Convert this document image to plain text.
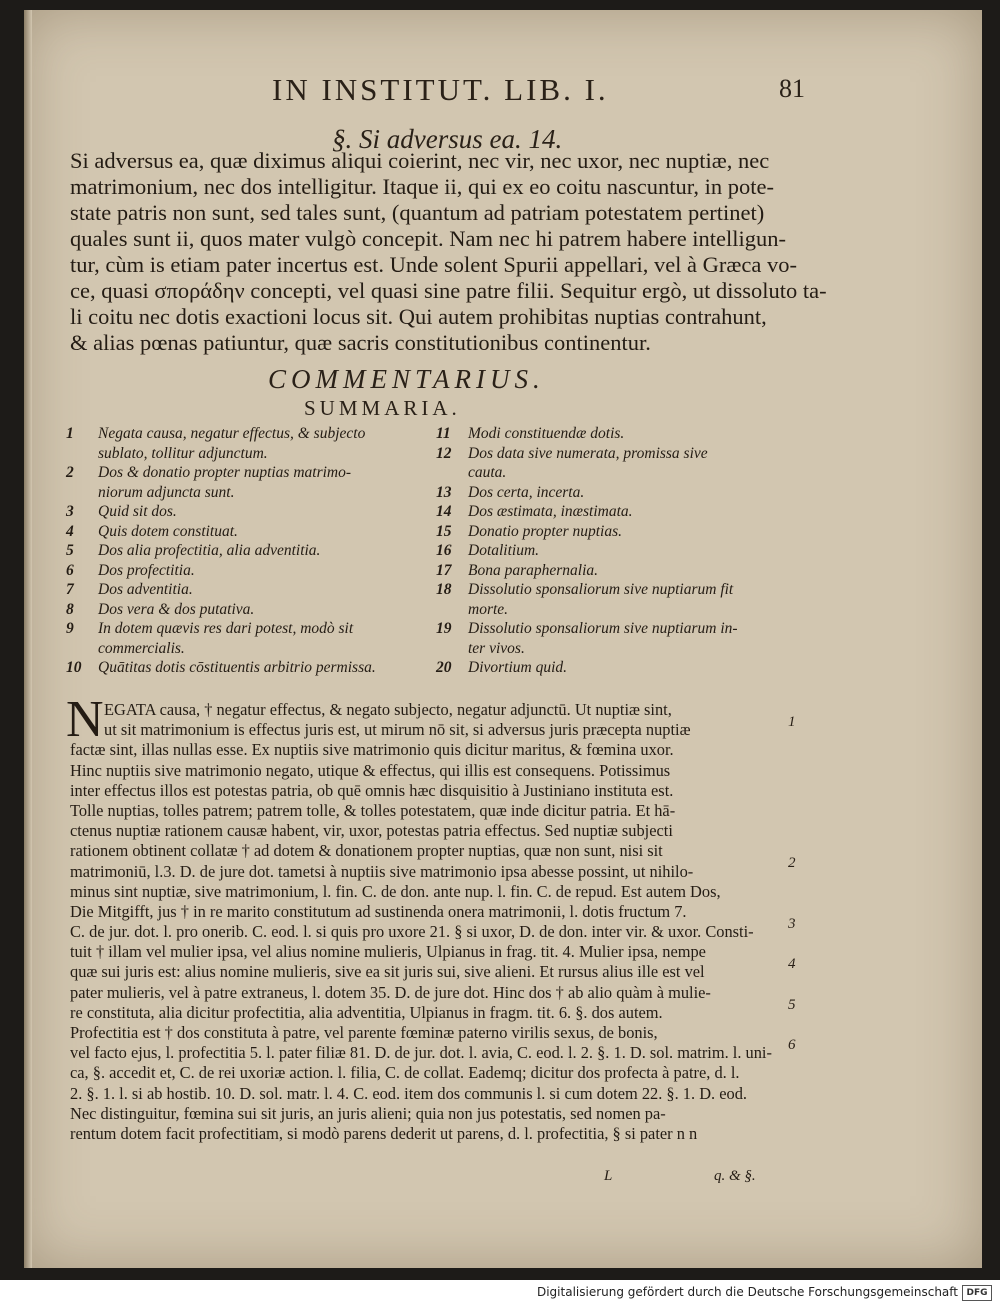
IN INSTITUT. LIB. I.	81
§. Si adversus ea. 14.
Si adversus ea, quæ diximus aliqui coierint, nec vir, nec uxor, nec nuptiæ, nec
matrimonium, nec dos intelligitur. Itaque ii, qui ex eo coitu nascuntur, in pote-
state patris non sunt, sed tales sunt, (quantum ad patriam potestatem pertinet)
quales sunt ii, quos mater vulgò concepit. Nam nec hi patrem habere intelligun-
tur, cùm is etiam pater incertus est. Unde solent Spurii appellari, vel à Græca vo-
ce, quasi σποράδην concepti, vel quasi sine patre filii. Sequitur ergò, ut dissoluto ta-
li coitu nec dotis exactioni locus sit. Qui autem prohibitas nuptias contrahunt,
& alias pœnas patiuntur, quæ sacris constitutionibus continentur.
COMMENTARIUS.
SUMMARIA.
1	Negata causa, negatur effectus, & subjecto
sublato, tollitur adjunctum.
2	Dos & donatio propter nuptias matrimo-
niorum adjuncta sunt.
3	Quid sit dos.
4	Quis dotem constituat.
5	Dos alia profectitia, alia adventitia.
6	Dos profectitia.
7	Dos adventitia.
8	Dos vera & dos putativa.
9	In dotem quævis res dari potest, modò sit
commercialis.
10	Quātitas dotis cōstituentis arbitrio permissa.
11	Modi constituendæ dotis.
12	Dos data sive numerata, promissa sive
cauta.
13	Dos certa, incerta.
14	Dos æstimata, inæstimata.
15	Donatio propter nuptias.
16	Dotalitium.
17	Bona paraphernalia.
18	Dissolutio sponsaliorum sive nuptiarum fit
morte.
19	Dissolutio sponsaliorum sive nuptiarum in-
ter vivos.
20	Divortium quid.
N EGATA causa, † negatur effectus, & negato subjecto, negatur adjunctū. Ut nuptiæ sint,
ut sit matrimonium is effectus juris est, ut mirum nō sit, si adversus juris præcepta nuptiæ
factæ sint, illas nullas esse. Ex nuptiis sive matrimonio quis dicitur maritus, & fœmina uxor.
Hinc nuptiis sive matrimonio negato, utique & effectus, qui illis est consequens. Potissimus
inter effectus illos est potestas patria, ob quē omnis hæc disquisitio à Justiniano instituta est.
Tolle nuptias, tolles patrem; patrem tolle, & tolles potestatem, quæ inde dicitur patria. Et hā-
ctenus nuptiæ rationem causæ habent, vir, uxor, potestas patria effectus. Sed nuptiæ subjecti
rationem obtinent collatæ † ad dotem & donationem propter nuptias, quæ non sunt, nisi sit
matrimoniū, l.3. D. de jure dot. tametsi à nuptiis sive matrimonio ipsa abesse possint, ut nihilo-
minus sint nuptiæ, sive matrimonium, l. fin. C. de don. ante nup. l. fin. C. de repud. Est autem Dos,
Die Mitgifft, jus † in re marito constitutum ad sustinenda onera matrimonii, l. dotis fructum 7.
C. de jur. dot. l. pro onerib. C. eod. l. si quis pro uxore 21. § si uxor, D. de don. inter vir. & uxor. Consti-
tuit † illam vel mulier ipsa, vel alius nomine mulieris, Ulpianus in frag. tit. 4. Mulier ipsa, nempe
quæ sui juris est: alius nomine mulieris, sive ea sit juris sui, sive alieni. Et rursus alius ille est vel
pater mulieris, vel à patre extraneus, l. dotem 35. D. de jure dot. Hinc dos † ab alio quàm à mulie-
re constituta, alia dicitur profectitia, alia adventitia, Ulpianus in fragm. tit. 6. §. dos autem.
Profectitia est † dos constituta à patre, vel parente fœminæ paterno virilis sexus, de bonis,
vel facto ejus, l. profectitia 5. l. pater filiæ 81. D. de jur. dot. l. avia, C. eod. l. 2. §. 1. D. sol. matrim. l. uni-
ca, §. accedit et, C. de rei uxoriæ action. l. filia, C. de collat. Eademq; dicitur dos profecta à patre, d. l.
2. §. 1. l. si ab hostib. 10. D. sol. matr. l. 4. C. eod. item dos communis l. si cum dotem 22. §. 1. D. eod.
Nec distinguitur, fœmina sui sit juris, an juris alieni; quia non jus potestatis, sed nomen pa-
rentum dotem facit profectitiam, si modò parens dederit ut parens, d. l. profectitia, § si pater n n
1
2
3
4
5
6
L	q. & §.
Digitalisierung gefördert durch die Deutsche Forschungsgemeinschaft DFG
